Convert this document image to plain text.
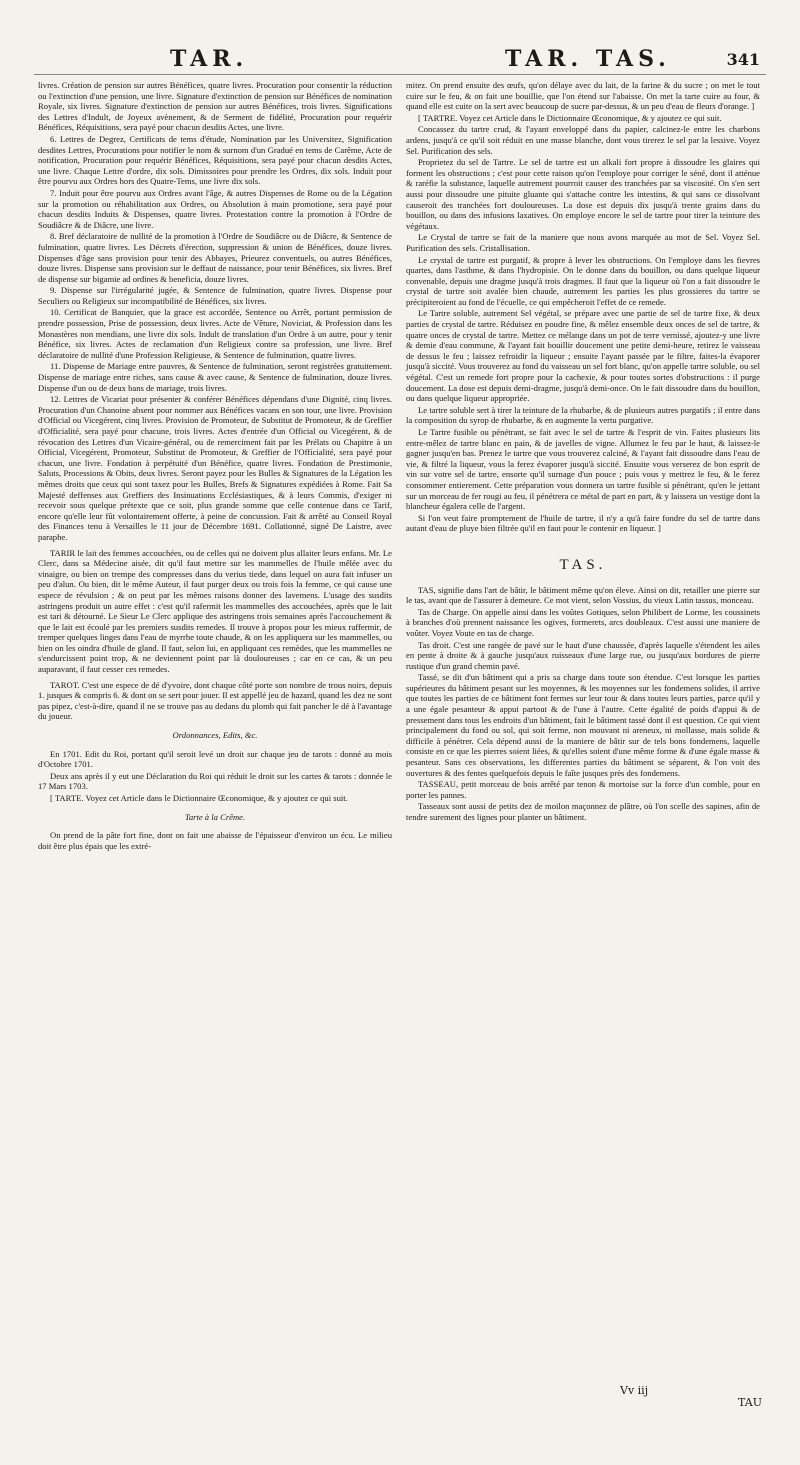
TAR.	TAR. TAS.	341

livres. Création de pension sur autres Bénéfices, quatre livres. Procuration pour consentir la réduction ou l'extinction d'une pension, une livre. Signature d'extinction de pension sur Bénéfices de nomination Royale, six livres. Signature d'extinction de pension sur autres Bénéfices, trois livres. Significations des Lettres d'Indult, de Joyeux avènement, & de Serment de fidélité, Procuration pour requérir Bénéfices, Réquisitions, sera payé pour chacun desdits Actes, une livre.

6. Lettres de Degrez, Certificats de tems d'étude, Nomination par les Universitez, Signification desdites Lettres, Procurations pour notifier le nom & surnom d'un Gradué en tems de Carême, Acte de notification, Procuration pour requérir Bénéfices, Réquisitions, sera payé pour chacun desdits Actes, une livre. Chaque Lettre d'ordre, dix sols. Dimissoires pour prendre les Ordres, dix sols. Induit pour être pourvu aux Ordres hors des Quatre-Tems, une livre dix sols.

7. Induit pour être pourvu aux Ordres avant l'âge, & autres Dispenses de Rome ou de la Légation sur la promotion ou réhabilitation aux Ordres, ou Absolution à main promotione, sera payé pour chacun desdits Induits & Dispenses, quatre livres. Protestation contre la promotion à l'Ordre de Soudiâcre & de Diâcre, une livre.

8. Bref déclaratoire de nullité de la promotion à l'Ordre de Soudiâcre ou de Diâcre, & Sentence de fulmination, quatre livres. Les Décrets d'érection, suppression & union de Bénéfices, douze livres. Dispenses d'âge sans provision pour tenir des Abbayes, Prieurez conventuels, ou autres Bénéfices, douze livres. Dispense sans provision sur le deffaut de naissance, pour tenir Bénéfices, six livres. Bref de dispense sur bigamie ad ordines & beneficia, douze livres.

9. Dispense sur l'irrégularité jugée, & Sentence de fulmination, quatre livres. Dispense pour Seculiers ou Religieux sur incompatibilité de Bénéfices, six livres.

10. Certificat de Banquier, que la grace est accordée, Sentence ou Arrêt, portant permission de prendre possession, Prise de possession, deux livres. Acte de Vêture, Noviciat, & Profession dans les Monastères non mendians, une livre dix sols. Indult de translation d'un Ordre à un autre, pour y tenir Bénéfice, six livres. Actes de reclamation d'un Religieux contre sa profession, une livre. Bref déclaratoire de nullité d'une Profession Religieuse, & Sentence de fulmination, quatre livres.

11. Dispense de Mariage entre pauvres, & Sentence de fulmination, seront registrées gratuitement. Dispense de mariage entre riches, sans cause & avec cause, & Sentence de fulmination, douze livres. Dispense d'un ou de deux bans de mariage, trois livres.

12. Lettres de Vicariat pour présenter & conférer Bénéfices dépendans d'une Dignité, cinq livres. Procuration d'un Chanoine absent pour nommer aux Bénéfices vacans en son tour, une livre. Provision d'Official ou Vicegérent, cinq livres. Provision de Promoteur, de Substitut de Promoteur, & de Greffier d'Officialité, sera payé pour chacune, trois livres. Actes d'entrée d'un Official ou Vicegérent, & de révocation des Lettres d'un Vicaire-général, ou de remerciment fait par les Prélats ou Chapitre à un Official, Vicegérent, Promoteur, Substitut de Promoteur, & Greffier de l'Officialité, sera payé pour chacun, une livre. Fondation à perpétuité d'un Bénéfice, quatre livres. Fondation de Prestimonie, Saluts, Processions & Obits, deux livres. Seront payez pour les Bulles & Signatures de la Légation les mêmes droits que ceux qui sont taxez pour les Bulles, Brefs & Signatures expédiées à Rome. Fait Sa Majesté deffenses aux Greffiers des Insinuations Ecclésiastiques, & à leurs Commis, d'exiger ni recevoir sous quelque prétexte que ce soit, plus grande somme que celle contenue dans ce Tarif, encore qu'elle leur fût volontairement offerte, à peine de concussion. Fait & arrêté au Conseil Royal des Finances tenu à Versailles le 11 jour de Décembre 1691. Collationné, signé De Laistre, avec paraphe.

TARIR le lait des femmes accouchées, ou de celles qui ne doivent plus allaiter leurs enfans. Mr. Le Clerc, dans sa Médecine aisée, dit qu'il faut mettre sur les mammelles de l'huile mêlée avec du vinaigre, ou bien on trempe des compresses dans du verius tiede, dans lequel on aura fait infuser un peu d'alun. Ou bien, dit le même Auteur, il faut purger deux ou trois fois la femme, ce qui cause une espece de révulsion ; & on peut par les mêmes raisons donner des lavemens. L'usage des susdits astringens produit un autre effet : c'est qu'il rafermit les mammelles des accouchées, après que le lait est tari & détourné. Le Sieur Le Clerc applique des astringens trois semaines après l'accouchement & que le lait est écoulé par les premiers susdits remedes. Il trouve à propos pour les mieux raffermir, de tremper quelques linges dans l'eau de myrrhe toute chaude, & on les appliquera sur les mammelles, ou bien on les oindra d'huile de gland. Il faut, selon lui, en appliquant ces remèdes, que les mammelles ne s'endurcissent point trop, & ne deviennent point par là douloureuses ; car en ce cas, & un peu auparavant, il faut cesser ces remedes.

TAROT. C'est une espece de dé d'yvoire, dont chaque côté porte son nombre de trous noirs, depuis 1. jusques & compris 6. & dont on se sert pour jouer. Il est appellé jeu de hazard, quand les dez ne sont pas pipez, c'est-à-dire, quand il ne se trouve pas au dedans du plomb qui fait pancher le dé à l'avantage du joueur.

Ordonnances, Edits, &c.

En 1701. Edit du Roi, portant qu'il seroit levé un droit sur chaque jeu de tarots : donné au mois d'Octobre 1701.

Deux ans après il y eut une Déclaration du Roi qui réduit le droit sur les cartes & tarots : donnée le 17 Mars 1703.

[ TARTE. Voyez cet Article dans le Dictionnaire Œconomique, & y ajoutez ce qui suit.

Tarte à la Crême.

On prend de la pâte fort fine, dont on fait une abaisse de l'épaisseur d'environ un écu. Le milieu doit être plus épais que les extré-

mitez. On prend ensuite des œufs, qu'on délaye avec du lait, de la farine & du sucre ; on met le tout cuire sur le feu, & on fait une bouillie, que l'on étend sur l'abaisse. On met la tarte cuire au four, & quand elle est cuite on la sert avec beaucoup de sucre par-dessus, & un peu d'eau de fleurs d'orange. ]

[ TARTRE. Voyez cet Article dans le Dictionnaire Œconomique, & y ajoutez ce qui suit.

Concassez du tartre crud, & l'ayant enveloppé dans du papier, calcinez-le entre les charbons ardens, jusqu'à ce qu'il soit réduit en une masse blanche, dont vous tirerez le sel par la lessive. Voyez Sel. Purification des sels.

Proprietez du sel de Tartre. Le sel de tartre est un alkali fort propre à dissoudre les glaires qui forment les obstructions ; c'est pour cette raison qu'on l'employe pour corriger le séné, dont il atténue & raréfie la substance, laquelle autrement pourroit causer des tranchées par sa viscosité. On s'en sert aussi pour dissoudre une pituite gluante qui s'attache contre les intestins, & qui sans ce dissolvant causeroit des tranchées fort douloureuses. La dose est depuis dix jusqu'à trente grains dans du bouillon, ou dans des infusions laxatives. On employe encore le sel de tartre pour tirer la teinture des végétaux.

Le Crystal de tartre se fait de la maniere que nous avons marquée au mot de Sel. Voyez Sel. Purification des sels. Cristallisation.

Le crystal de tartre est purgatif, & propre à lever les obstructions. On l'employe dans les fievres quartes, dans l'asthme, & dans l'hydropisie. On le donne dans du bouillon, ou dans quelque liqueur convenable, depuis une dragme jusqu'à trois dragmes. Il faut que la liqueur où l'on a fait dissoudre le crystal de tartre soit avalée bien chaude, autrement les parties les plus grossieres du tartre se précipiteroient au fond de l'écuelle, ce qui empêcheroit l'effet de ce remede.

Le Tartre soluble, autrement Sel végétal, se prépare avec une partie de sel de tartre fixe, & deux parties de crystal de tartre. Réduisez en poudre fine, & mêlez ensemble deux onces de sel de tartre, & quatre onces de crystal de tartre. Mettez ce mélange dans un pot de terre vernissé, ajoutez-y une livre & demie d'eau commune, & l'ayant fait bouillir doucement une petite demi-heure, retirez le vaisseau de dessus le feu ; laissez refroidir la liqueur ; ensuite l'ayant passée par le filtre, faites-la évaporer jusqu'à siccité. Vous trouverez au fond du vaisseau un sel fort blanc, qu'on appelle tartre soluble, ou sel végétal. C'est un remede fort propre pour la cachexie, & pour toutes sortes d'obstructions : il purge doucement. La dose est depuis demi-dragme, jusqu'à demi-once. On le fait dissoudre dans du bouillon, ou dans quelque liqueur appropriée.

Le tartre soluble sert à tirer la teinture de la rhubarbe, & de plusieurs autres purgatifs ; il entre dans la composition du syrop de rhubarbe, & en augmente la vertu purgative.

Le Tartre fusible ou pénétrant, se fait avec le sel de tartre & l'esprit de vin. Faites plusieurs lits entre-mêlez de tartre blanc en pain, & de javelles de vigne. Allumez le feu par le haut, & laissez-le gagner jusqu'en bas. Prenez le tartre que vous trouverez calciné, & l'ayant fait dissoudre dans l'eau de vie, & filtré la liqueur, vous la ferez évaporer jusqu'à siccité. Ensuite vous verserez de bon esprit de vin sur votre sel de tartre, ensorte qu'il surnage d'un pouce ; puis vous y mettrez le feu, & le ferez consommer entierement. Cette préparation vous donnera un tartre fusible si pénétrant, qu'en le jettant sur un morceau de fer rougi au feu, il pénétrera ce métal de part en part, & y laissera un vestige dont la blancheur égalera celle de l'argent.

Si l'on veut faire promptement de l'huile de tartre, il n'y a qu'à faire fondre du sel de tartre dans autant d'eau de pluye bien filtrée qu'il en faut pour le contenir en liqueur. ]

TAS.

TAS, signifie dans l'art de bâtir, le bâtiment même qu'on éleve. Ainsi on dit, retailler une pierre sur le tas, avant que de l'assurer à demeure. Ce mot vient, selon Vossius, du vieux Latin tassus, monceau.

Tas de Charge. On appelle ainsi dans les voûtes Gotiques, selon Philibert de Lorme, les coussinets à branches d'où prennent naissance les ogives, formerets, arcs doubleaux. C'est aussi une maniere de voûter. Voyez Voute en tas de charge.

Tas droit. C'est une rangée de pavé sur le haut d'une chaussée, d'après laquelle s'étendent les ailes en pente à droite & à gauche jusqu'aux ruisseaux d'une large rue, ou jusqu'aux bordures de pierre rustique d'un grand chemin pavé.

Tassé, se dit d'un bâtiment qui a pris sa charge dans toute son étendue. C'est lorsque les parties supérieures du bâtiment pesant sur les moyennes, & les moyennes sur les fondemens solides, il arrive que toutes les parties de ce bâtiment font fermes sur leur tour & dans toutes leurs parties, parce qu'il y a une égale pesanteur & appui partout & de l'une à l'autre. Cette égalité de poids d'appui & de pressement dans tous les endroits d'un bâtiment, fait le bâtiment tassé dont il est question. Ce qui vient principalement du fond ou sol, qui soit ferme, non mouvant ni areneux, ni mollasse, mais solide & difficile à pénétrer. Cela dépend aussi de la maniere de bâtir sur de tels bons fondemens, laquelle consiste en ce que les pierres soient liées, & qu'elles soient d'une même forme & d'une égale masse & pesanteur. Sans ces observations, les differentes parties du bâtiment se séparent, & l'on voit des ouvertures & des fentes quelquefois depuis le faîte jusques près des fondemens.

TASSEAU, petit morceau de bois arrêté par tenon & mortoise sur la force d'un comble, pour en porter les pannes.

Tasseaux sont aussi de petits dez de moilon maçonnez de plâtre, où l'on scelle des sapines, afin de tendre surement des lignes pour planter un bâtiment.

Vv iij
TAU
